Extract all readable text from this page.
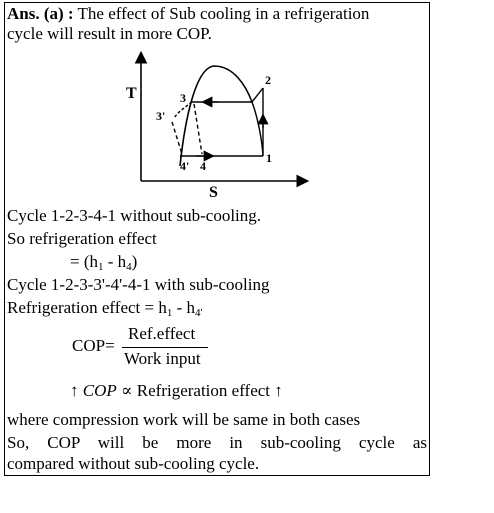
Ans. (a) : The effect of Sub cooling in a refrigeration
cycle will result in more COP.
T
S
3
3'
2
1
4' 4
Cycle 1-2-3-4-1 without sub-cooling.
So refrigeration effect
= $(h_1 - h_4)$
Cycle 1-2-3-3'-4'-4-1 with sub-cooling
Refrigeration effect = $h_1 - h_{4'}$
COP=
Ref.effect
Work input
↑ COP ∝ Refrigeration effect ↑
where compression work will be same in both cases
So, COP will be more in sub-cooling cycle as
compared without sub-cooling cycle.
